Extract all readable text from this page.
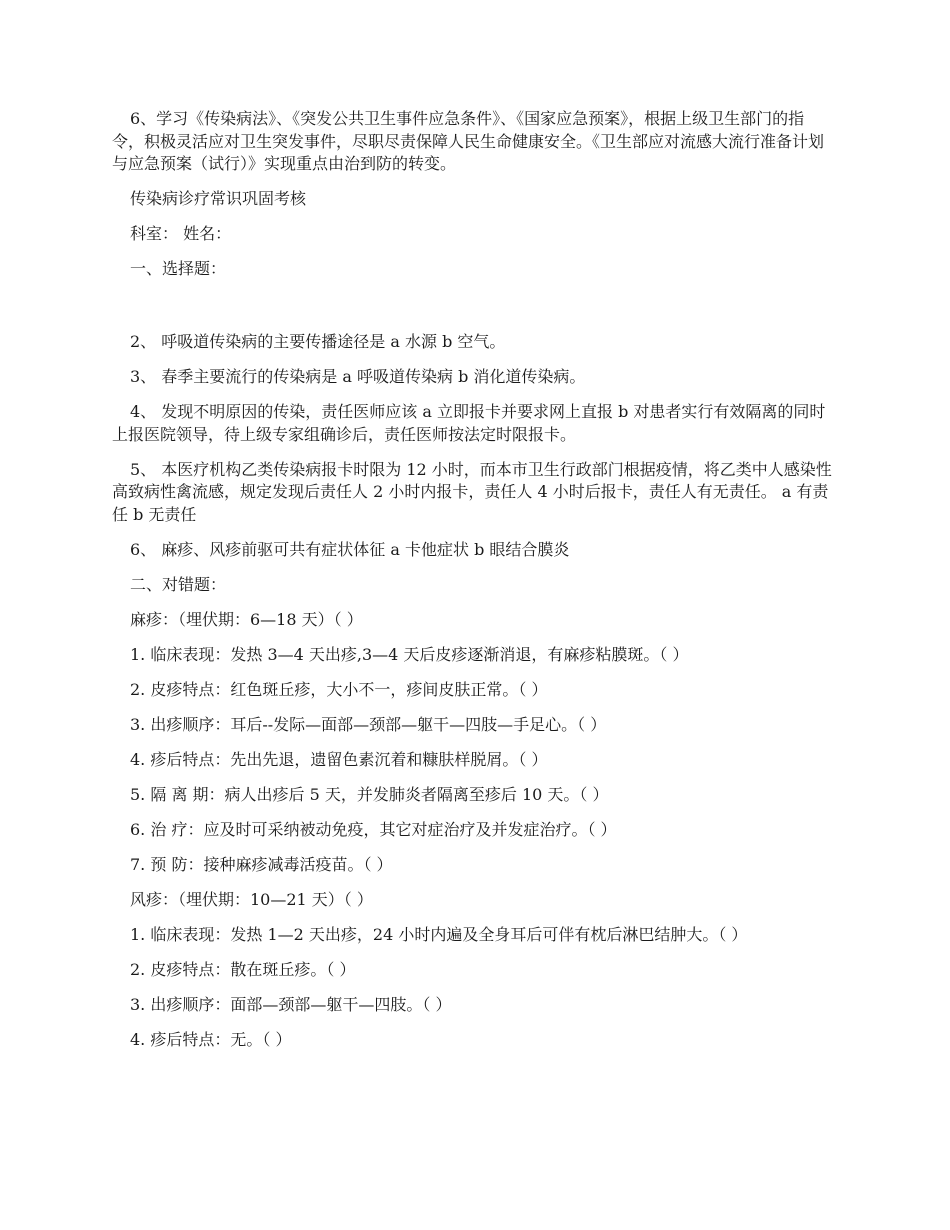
6、学习《传染病法》、《突发公共卫生事件应急条件》、《国家应急预案》，根据上级卫生部门的指令，积极灵活应对卫生突发事件，尽职尽责保障人民生命健康安全。《卫生部应对流感大流行准备计划与应急预案（试行）》实现重点由治到防的转变。

传染病诊疗常识巩固考核

科室： 姓名：

一、选择题：

2、 呼吸道传染病的主要传播途径是 a 水源 b 空气。

3、 春季主要流行的传染病是 a 呼吸道传染病 b 消化道传染病。

4、 发现不明原因的传染，责任医师应该 a 立即报卡并要求网上直报 b 对患者实行有效隔离的同时上报医院领导，待上级专家组确诊后，责任医师按法定时限报卡。

5、 本医疗机构乙类传染病报卡时限为 12 小时，而本市卫生行政部门根据疫情，将乙类中人感染性高致病性禽流感，规定发现后责任人 2 小时内报卡，责任人 4 小时后报卡，责任人有无责任。 a 有责任 b 无责任

6、 麻疹、风疹前驱可共有症状体征 a 卡他症状 b 眼结合膜炎

二、对错题：

麻疹：（埋伏期：6—18 天）（ ）

1. 临床表现：发热 3—4 天出疹,3—4 天后皮疹逐渐消退，有麻疹粘膜斑。（ ）

2. 皮疹特点：红色斑丘疹，大小不一，疹间皮肤正常。（ ）

3. 出疹顺序：耳后--发际—面部—颈部—躯干—四肢—手足心。（ ）

4. 疹后特点：先出先退，遗留色素沉着和糠肤样脱屑。（ ）

5. 隔 离 期：病人出疹后 5 天，并发肺炎者隔离至疹后 10 天。（ ）

6. 治 疗：应及时可采纳被动免疫，其它对症治疗及并发症治疗。（ ）

7. 预 防：接种麻疹减毒活疫苗。（ ）

风疹：（埋伏期：10—21 天）（ ）

1. 临床表现：发热 1—2 天出疹，24 小时内遍及全身耳后可伴有枕后淋巴结肿大。（ ）

2. 皮疹特点：散在斑丘疹。（ ）

3. 出疹顺序：面部—颈部—躯干—四肢。（ ）

4. 疹后特点：无。（ ）
